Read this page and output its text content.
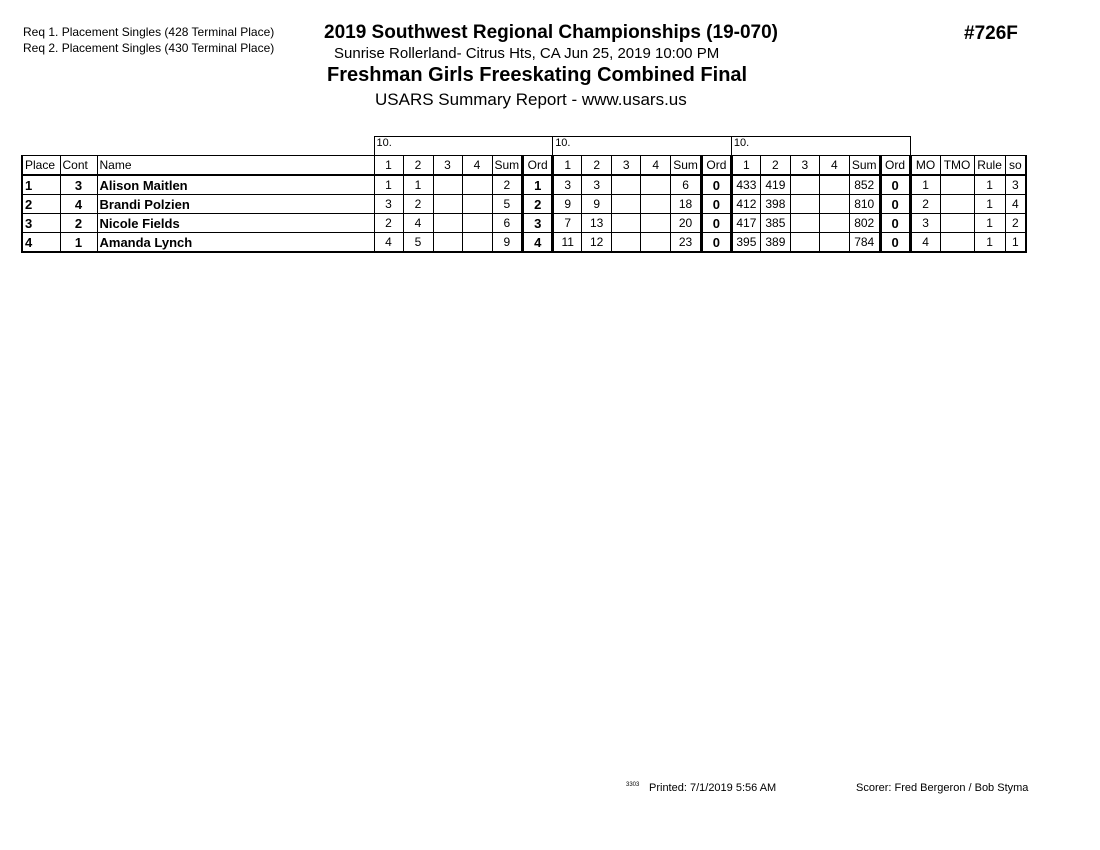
Req 1. Placement Singles (428 Terminal Place)
Req 2. Placement Singles (430 Terminal Place)
2019 Southwest Regional Championships (19-070)
Sunrise Rollerland- Citrus Hts, CA Jun 25, 2019 10:00 PM
Freshman Girls Freeskating Combined Final
USARS Summary Report - www.usars.us
#726F
			10.						10.						10.									
Place	Cont	Name	1	2	3	4	Sum	Ord	1	2	3	4	Sum	Ord	1	2	3	4	Sum	Ord	MO	TMO	Rule	so
1	3	Alison Maitlen	1	1			2	1	3	3			6	0	433	419			852	0	1		1	3
2	4	Brandi Polzien	3	2			5	2	9	9			18	0	412	398			810	0	2		1	4
3	2	Nicole Fields	2	4			6	3	7	13			20	0	417	385			802	0	3		1	2
4	1	Amanda Lynch	4	5			9	4	11	12			23	0	395	389			784	0	4		1	1
3303 Printed: 7/1/2019 5:56 AM	Scorer: Fred Bergeron / Bob Styma
